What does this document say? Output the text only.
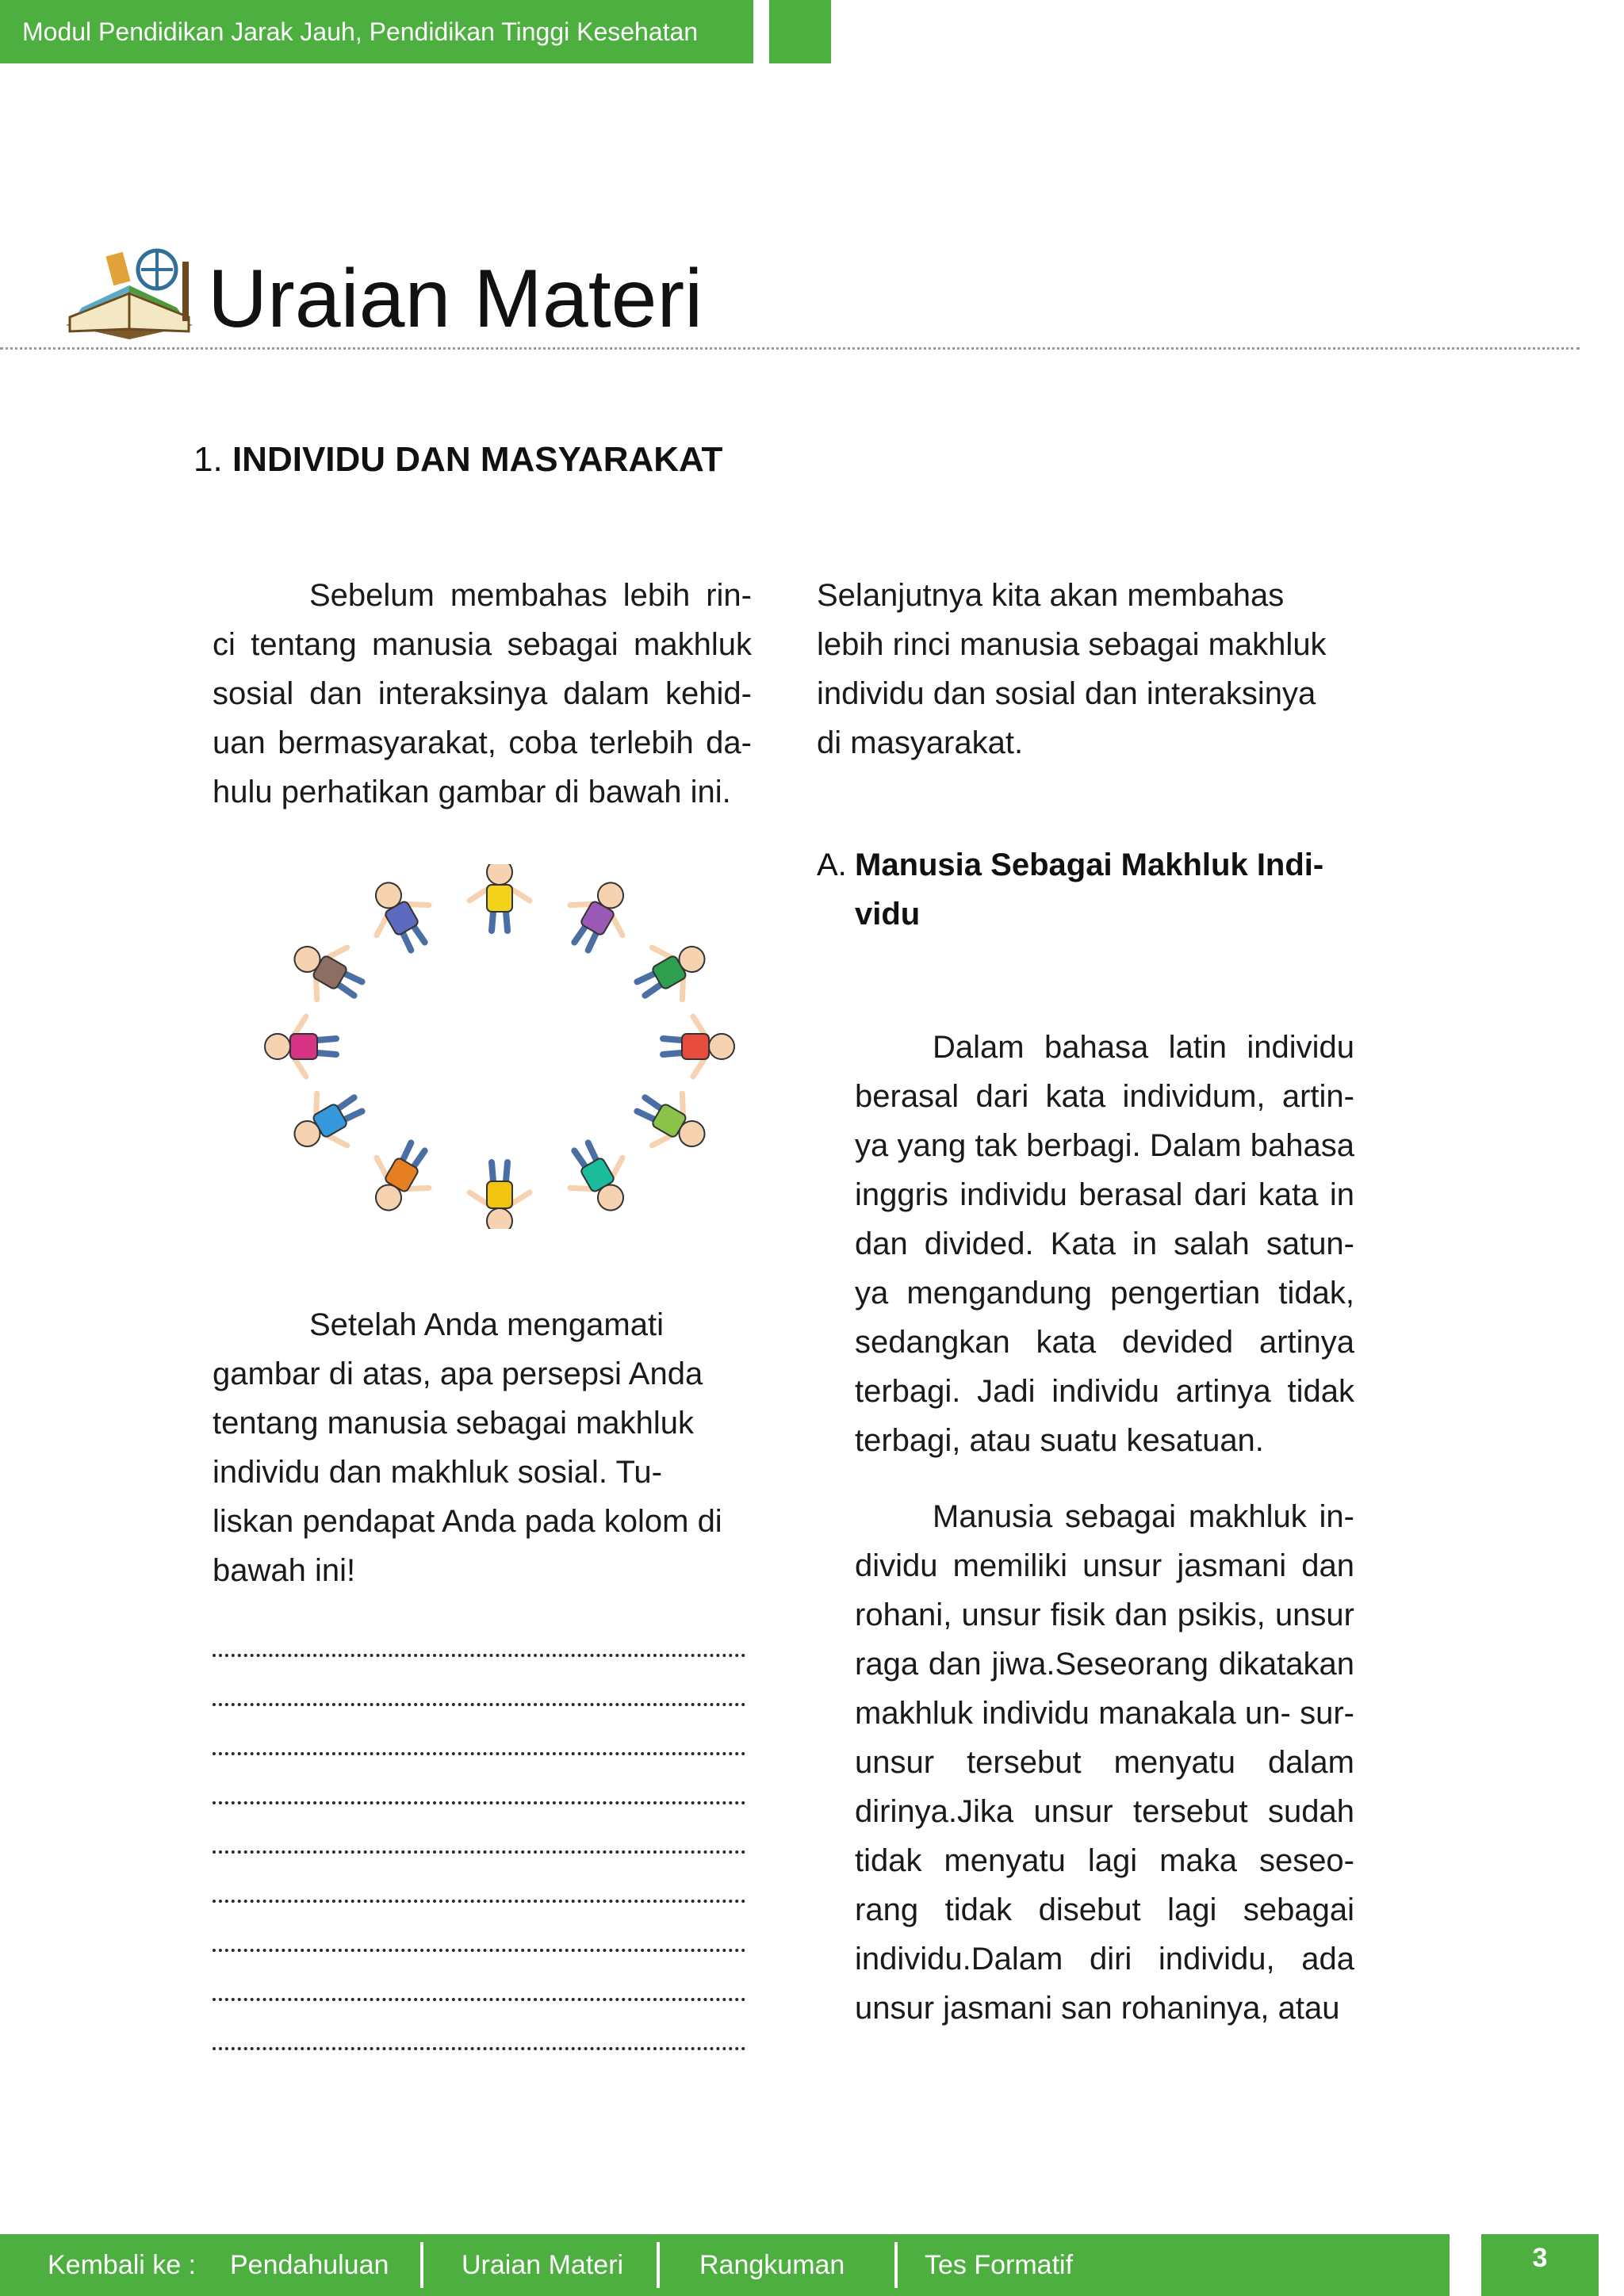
Modul Pendidikan Jarak Jauh, Pendidikan Tinggi Kesehatan
Uraian Materi
1. INDIVIDU DAN MASYARAKAT

Sebelum membahas lebih rin- ci tentang manusia sebagai makhluk sosial dan interaksinya dalam kehid- uan bermasyarakat, coba terlebih da- hulu perhatikan gambar di bawah ini.

Setelah Anda mengamati
gambar di atas, apa persepsi Anda
tentang manusia sebagai makhluk
individu dan makhluk sosial. Tu-
liskan pendapat Anda pada kolom di
bawah ini!

Selanjutnya kita akan membahas
lebih rinci manusia sebagai makhluk
individu dan sosial dan interaksinya
di masyarakat.

A. Manusia Sebagai Makhluk Indi-
vidu

Dalam bahasa latin individu berasal dari kata individum, artin- ya yang tak berbagi. Dalam bahasa inggris individu berasal dari kata in dan divided. Kata in salah satun- ya mengandung pengertian tidak, sedangkan kata devided artinya terbagi. Jadi individu artinya tidak terbagi, atau suatu kesatuan.

Manusia sebagai makhluk in- dividu memiliki unsur jasmani dan rohani, unsur fisik dan psikis, unsur raga dan jiwa.Seseorang dikatakan makhluk individu manakala un- sur-unsur tersebut menyatu dalam dirinya.Jika unsur tersebut sudah tidak menyatu lagi maka seseo- rang tidak disebut lagi sebagai individu.Dalam diri individu, ada unsur jasmani san rohaninya, atau

Kembali ke : Pendahuluan	Uraian Materi	Rangkuman	Tes Formatif	3
